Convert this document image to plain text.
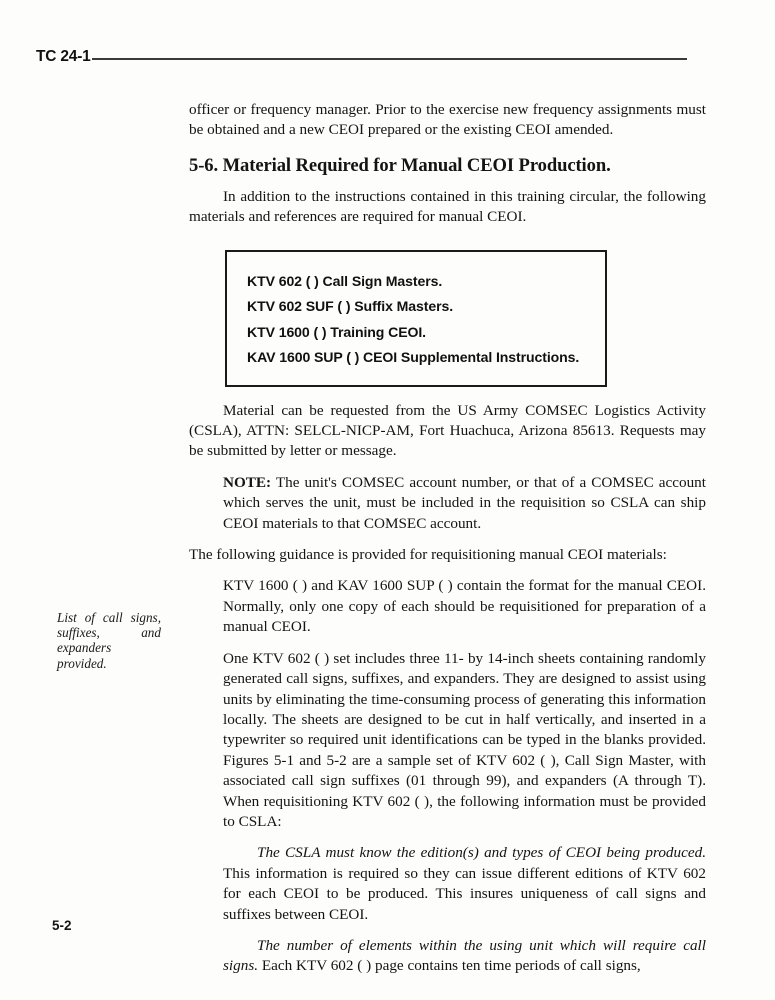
TC 24-1

officer or frequency manager. Prior to the exercise new frequency assignments must be obtained and a new CEOI prepared or the existing CEOI amended.

5-6. Material Required for Manual CEOI Production.

In addition to the instructions contained in this training circular, the following materials and references are required for manual CEOI.

KTV 602 ( ) Call Sign Masters.
KTV 602 SUF ( ) Suffix Masters.
KTV 1600 ( ) Training CEOI.
KAV 1600 SUP ( ) CEOI Supplemental Instructions.

Material can be requested from the US Army COMSEC Logistics Activity (CSLA), ATTN: SELCL-NICP-AM, Fort Huachuca, Arizona 85613. Requests may be submitted by letter or message.

NOTE: The unit's COMSEC account number, or that of a COMSEC account which serves the unit, must be included in the requisition so CSLA can ship CEOI materials to that COMSEC account.

The following guidance is provided for requisitioning manual CEOI materials:

KTV 1600 ( ) and KAV 1600 SUP ( ) contain the format for the manual CEOI. Normally, only one copy of each should be requisitioned for preparation of a manual CEOI.

One KTV 602 ( ) set includes three 11- by 14-inch sheets containing randomly generated call signs, suffixes, and expanders. They are designed to assist using units by eliminating the time-consuming process of generating this information locally. The sheets are designed to be cut in half vertically, and inserted in a typewriter so required unit identifications can be typed in the blanks provided. Figures 5-1 and 5-2 are a sample set of KTV 602 ( ), Call Sign Master, with associated call sign suffixes (01 through 99), and expanders (A through T). When requisitioning KTV 602 ( ), the following information must be provided to CSLA:

The CSLA must know the edition(s) and types of CEOI being produced. This information is required so they can issue different editions of KTV 602 for each CEOI to be produced. This insures uniqueness of call signs and suffixes between CEOI.

The number of elements within the using unit which will require call signs. Each KTV 602 ( ) page contains ten time periods of call signs,

List of call signs, suffixes, and expanders provided.
5-2
